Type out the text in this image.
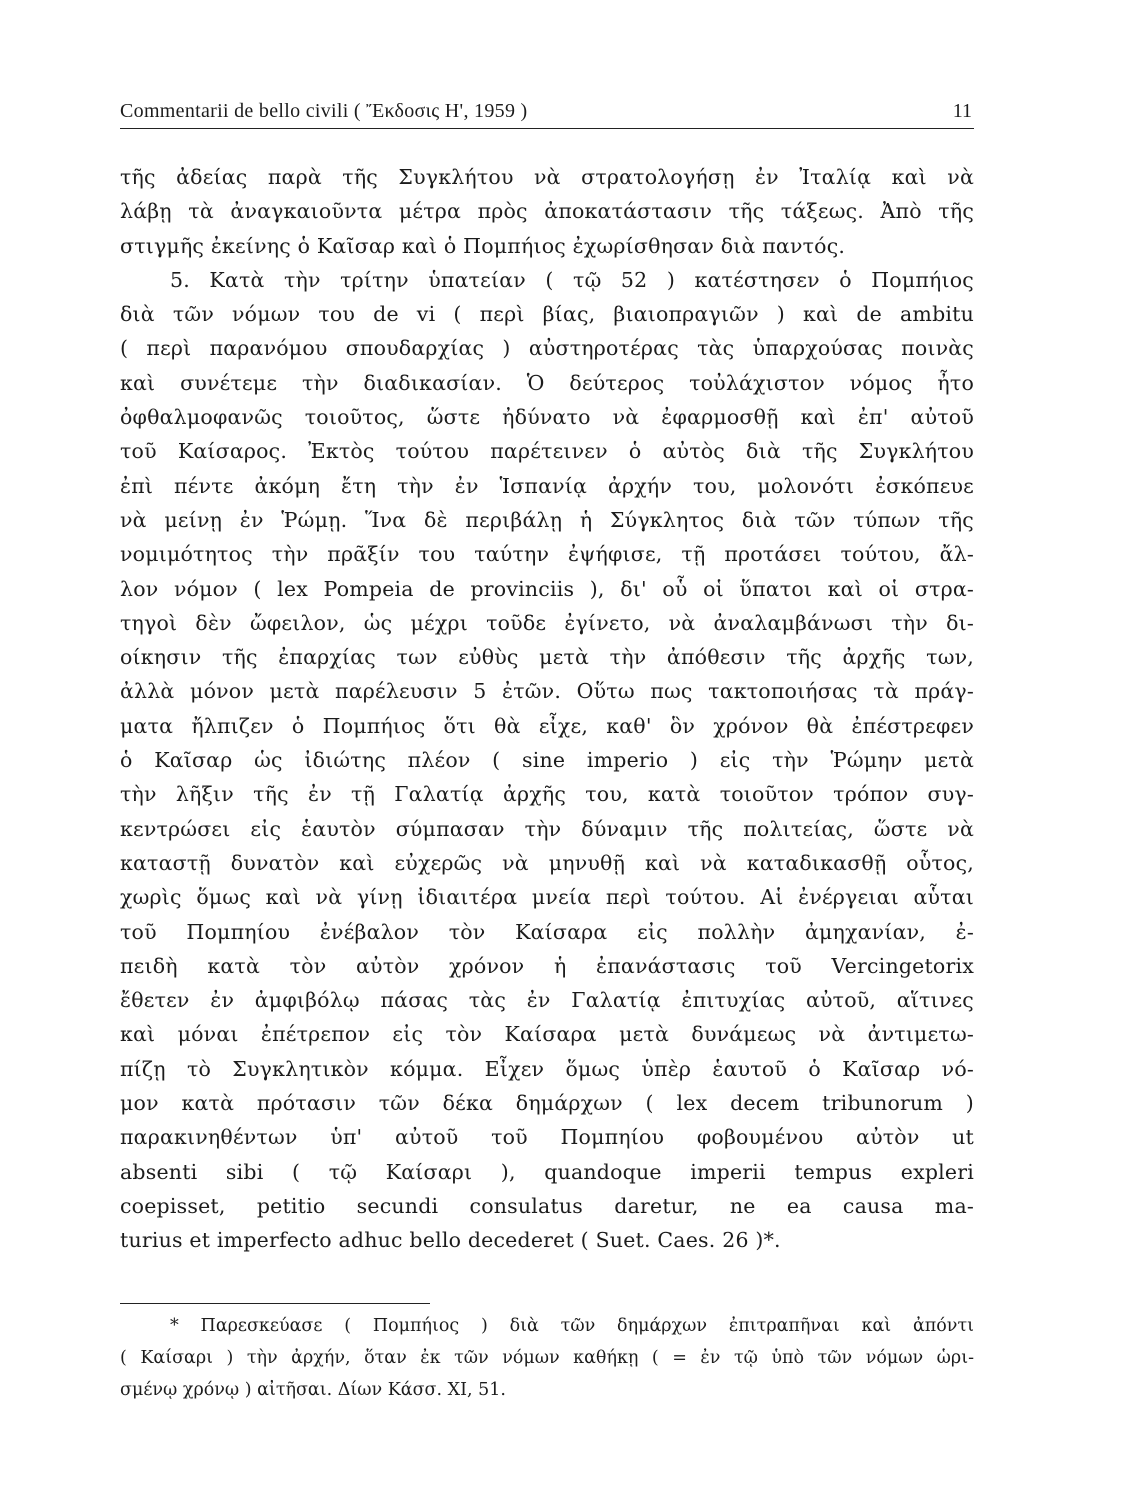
Commentarii de bello civili ( Ἔκδοσις Η', 1959 )	11
τῆς ἀδείας παρὰ τῆς Συγκλήτου νὰ στρατολογήσῃ ἐν Ἰταλίᾳ καὶ νὰ
λάβῃ τὰ ἀναγκαιοῦντα μέτρα πρὸς ἀποκατάστασιν τῆς τάξεως. Ἀπὸ τῆς
στιγμῆς ἐκείνης ὁ Καῖσαρ καὶ ὁ Πομπήιος ἐχωρίσθησαν διὰ παντός.
5. Κατὰ τὴν τρίτην ὑπατείαν ( τῷ 52 ) κατέστησεν ὁ Πομπήιος
διὰ τῶν νόμων του de vi ( περὶ βίας, βιαιοπραγιῶν ) καὶ de ambitu
( περὶ παρανόμου σπουδαρχίας ) αὐστηροτέρας τὰς ὑπαρχούσας ποινὰς
καὶ συνέτεμε τὴν διαδικασίαν. Ὁ δεύτερος τοὐλάχιστον νόμος ἦτο
ὀφθαλμοφανῶς τοιοῦτος, ὥστε ἠδύνατο νὰ ἐφαρμοσθῇ καὶ ἐπ' αὐτοῦ
τοῦ Καίσαρος. Ἐκτὸς τούτου παρέτεινεν ὁ αὐτὸς διὰ τῆς Συγκλήτου
ἐπὶ πέντε ἀκόμη ἔτη τὴν ἐν Ἱσπανίᾳ ἀρχήν του, μολονότι ἐσκόπευε
νὰ μείνῃ ἐν Ῥώμῃ. Ἵνα δὲ περιβάλῃ ἡ Σύγκλητος διὰ τῶν τύπων τῆς
νομιμότητος τὴν πρᾶξίν του ταύτην ἐψήφισε, τῇ προτάσει τούτου, ἄλ-
λον νόμον ( lex Pompeia de provinciis ), δι' οὗ οἱ ὕπατοι καὶ οἱ στρα-
τηγοὶ δὲν ὤφειλον, ὡς μέχρι τοῦδε ἐγίνετο, νὰ ἀναλαμβάνωσι τὴν δι-
οίκησιν τῆς ἐπαρχίας των εὐθὺς μετὰ τὴν ἀπόθεσιν τῆς ἀρχῆς των,
ἀλλὰ μόνον μετὰ παρέλευσιν 5 ἐτῶν. Οὕτω πως τακτοποιήσας τὰ πράγ-
ματα ἤλπιζεν ὁ Πομπήιος ὅτι θὰ εἶχε, καθ' ὃν χρόνον θὰ ἐπέστρεφεν
ὁ Καῖσαρ ὡς ἰδιώτης πλέον ( sine imperio ) εἰς τὴν Ῥώμην μετὰ
τὴν λῆξιν τῆς ἐν τῇ Γαλατίᾳ ἀρχῆς του, κατὰ τοιοῦτον τρόπον συγ-
κεντρώσει εἰς ἑαυτὸν σύμπασαν τὴν δύναμιν τῆς πολιτείας, ὥστε νὰ
καταστῇ δυνατὸν καὶ εὐχερῶς νὰ μηνυθῇ καὶ νὰ καταδικασθῇ οὗτος,
χωρὶς ὅμως καὶ νὰ γίνῃ ἰδιαιτέρα μνεία περὶ τούτου. Αἱ ἐνέργειαι αὗται
τοῦ Πομπηίου ἐνέβαλον τὸν Καίσαρα εἰς πολλὴν ἀμηχανίαν, ἐ-
πειδὴ κατὰ τὸν αὐτὸν χρόνον ἡ ἐπανάστασις τοῦ Vercingetorix
ἔθετεν ἐν ἀμφιβόλῳ πάσας τὰς ἐν Γαλατίᾳ ἐπιτυχίας αὐτοῦ, αἵτινες
καὶ μόναι ἐπέτρεπον εἰς τὸν Καίσαρα μετὰ δυνάμεως νὰ ἀντιμετω-
πίζῃ τὸ Συγκλητικὸν κόμμα. Εἶχεν ὅμως ὑπὲρ ἑαυτοῦ ὁ Καῖσαρ νό-
μον κατὰ πρότασιν τῶν δέκα δημάρχων ( lex decem tribunorum )
παρακινηθέντων ὑπ' αὐτοῦ τοῦ Πομπηίου φοβουμένου αὐτὸν ut
absenti sibi ( τῷ Καίσαρι ), quandoque imperii tempus expleri
coepisset, petitio secundi consulatus daretur, ne ea causa ma-
turius et imperfecto adhuc bello decederet ( Suet. Caes. 26 )*.
* Παρεσκεύασε ( Πομπήιος ) διὰ τῶν δημάρχων ἐπιτραπῆναι καὶ ἀπόντι
( Καίσαρι ) τὴν ἀρχήν, ὅταν ἐκ τῶν νόμων καθήκῃ ( = ἐν τῷ ὑπὸ τῶν νόμων ὡρι-
σμένῳ χρόνῳ ) αἰτῆσαι. Δίων Κάσσ. XI, 51.
